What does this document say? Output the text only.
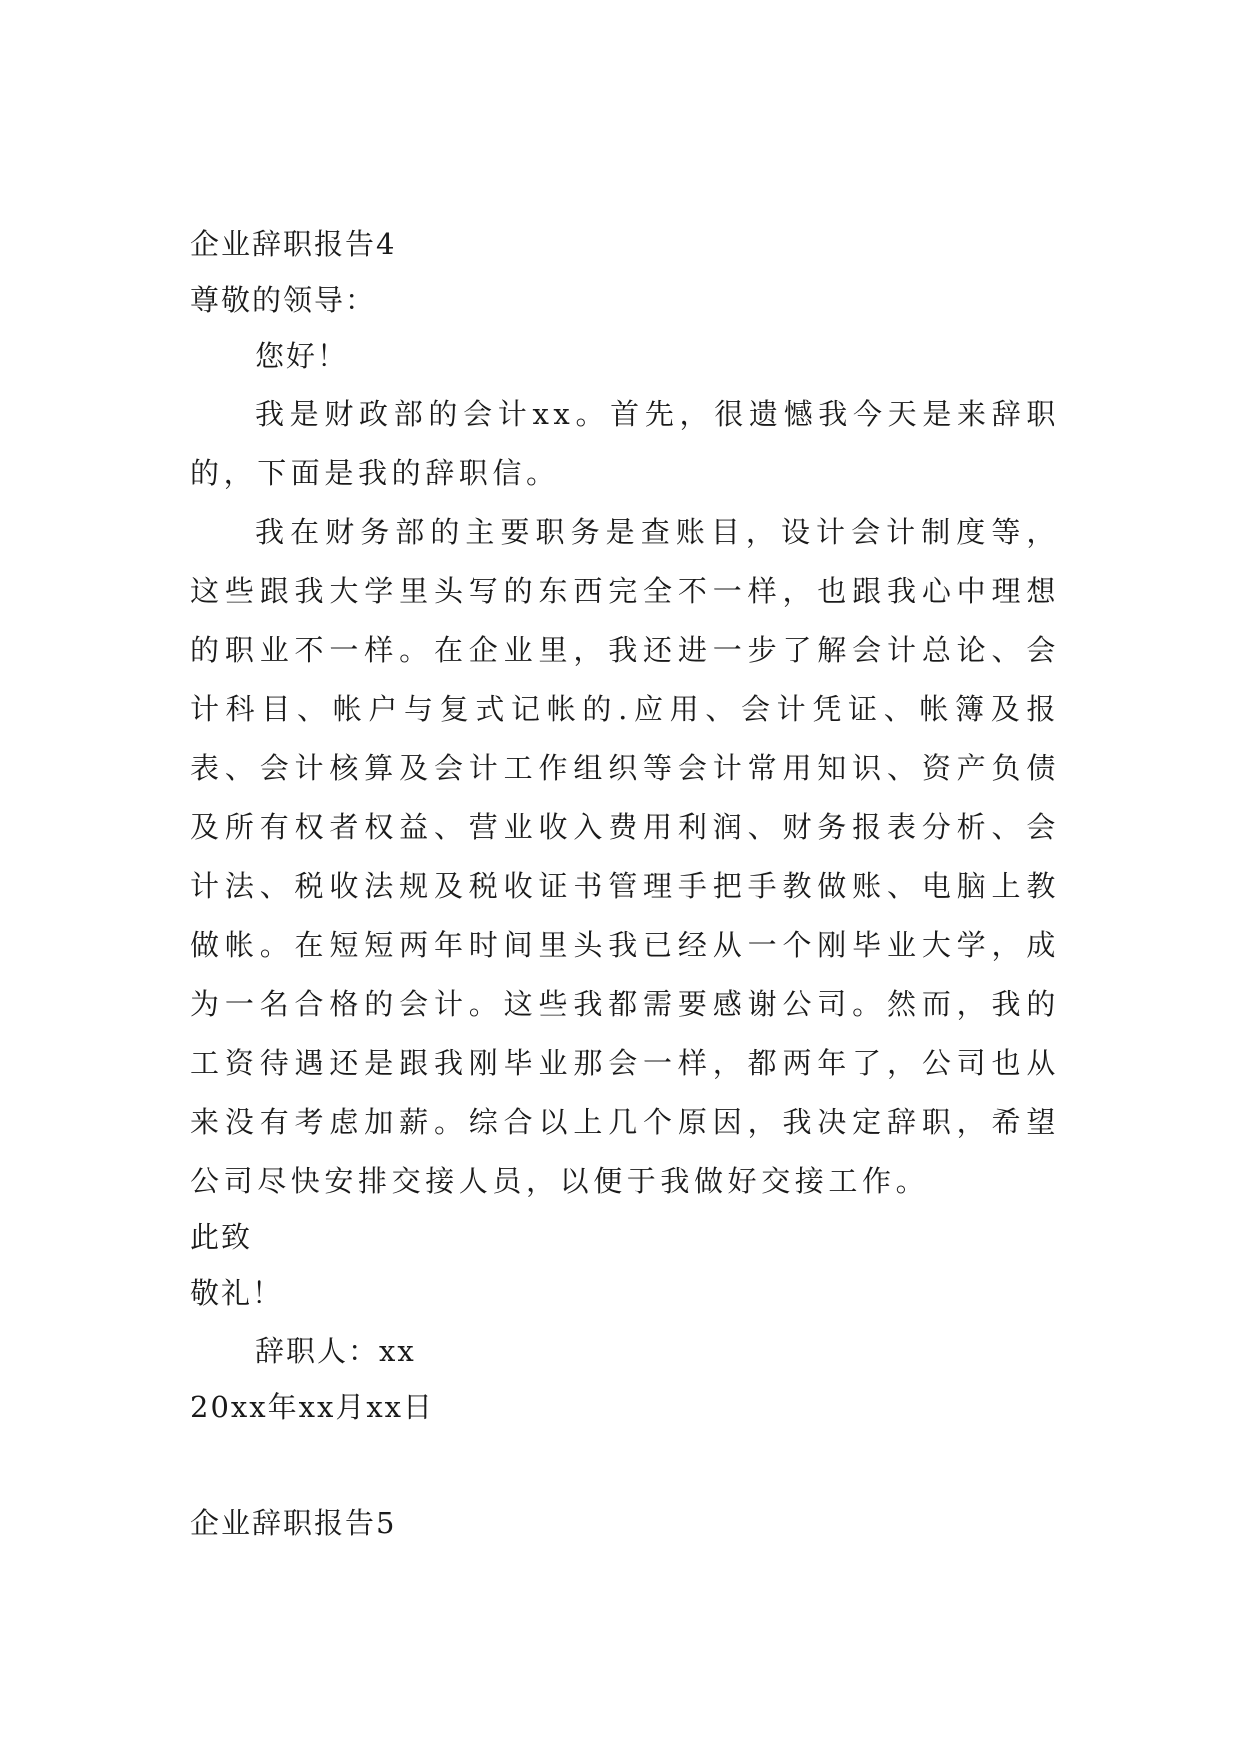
企业辞职报告4
尊敬的领导：
您好！
我是财政部的会计xx。首先，很遗憾我今天是来辞职的，下面是我的辞职信。
我在财务部的主要职务是查账目，设计会计制度等，这些跟我大学里头写的东西完全不一样，也跟我心中理想的职业不一样。在企业里，我还进一步了解会计总论、会计科目、帐户与复式记帐的.应用、会计凭证、帐簿及报表、会计核算及会计工作组织等会计常用知识、资产负债及所有权者权益、营业收入费用利润、财务报表分析、会计法、税收法规及税收证书管理手把手教做账、电脑上教做帐。在短短两年时间里头我已经从一个刚毕业大学，成为一名合格的会计。这些我都需要感谢公司。然而，我的工资待遇还是跟我刚毕业那会一样，都两年了，公司也从来没有考虑加薪。综合以上几个原因，我决定辞职，希望公司尽快安排交接人员，以便于我做好交接工作。
此致
敬礼！
辞职人：xx
20xx年xx月xx日
企业辞职报告5
